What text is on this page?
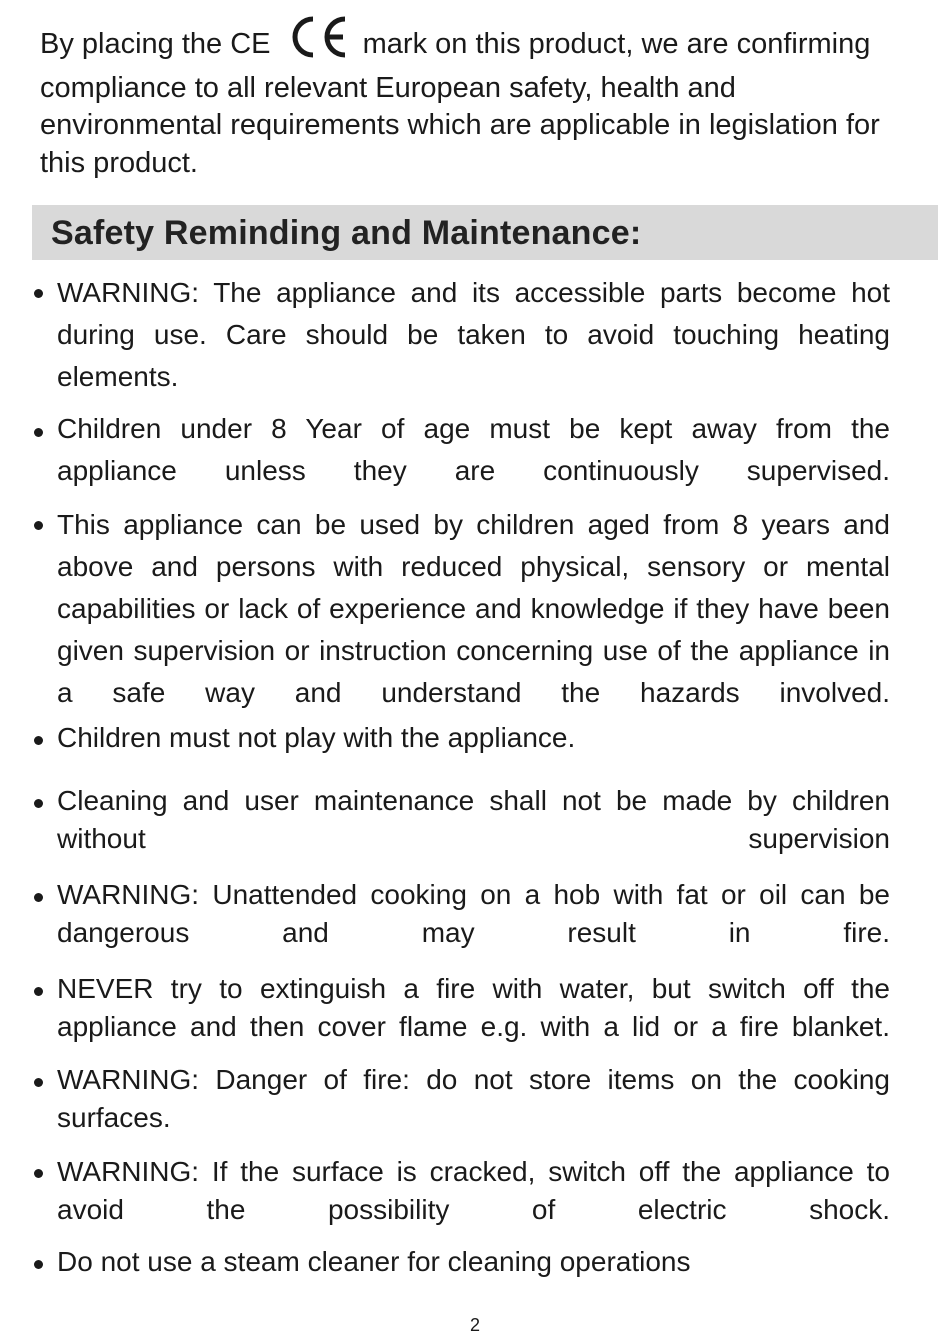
By placing the CE	mark on this product, we are confirming compliance to all relevant European safety, health and environmental requirements which are applicable in legislation for this product.
Safety Reminding and Maintenance:
WARNING: The appliance and its accessible parts become hot during use. Care should be taken to avoid touching heating elements.
Children under 8 Year of age must be kept away from the appliance unless they are continuously supervised.
This appliance can be used by children aged from 8 years and above and persons with reduced physical, sensory or mental capabilities or lack of experience and knowledge if they have been given supervision or instruction concerning use of the appliance in a safe way and understand the hazards involved.
Children must not play with the appliance.
Cleaning and user maintenance shall not be made by children without supervision
WARNING: Unattended cooking on a hob with fat or oil can be dangerous and may result in fire.
NEVER try to extinguish a fire with water, but switch off the appliance and then cover flame e.g. with a lid or a fire blanket.
WARNING: Danger of fire: do not store items on the cooking surfaces.
WARNING: If the surface is cracked, switch off the appliance to avoid the possibility of electric shock.
Do not use a steam cleaner for cleaning operations
2
